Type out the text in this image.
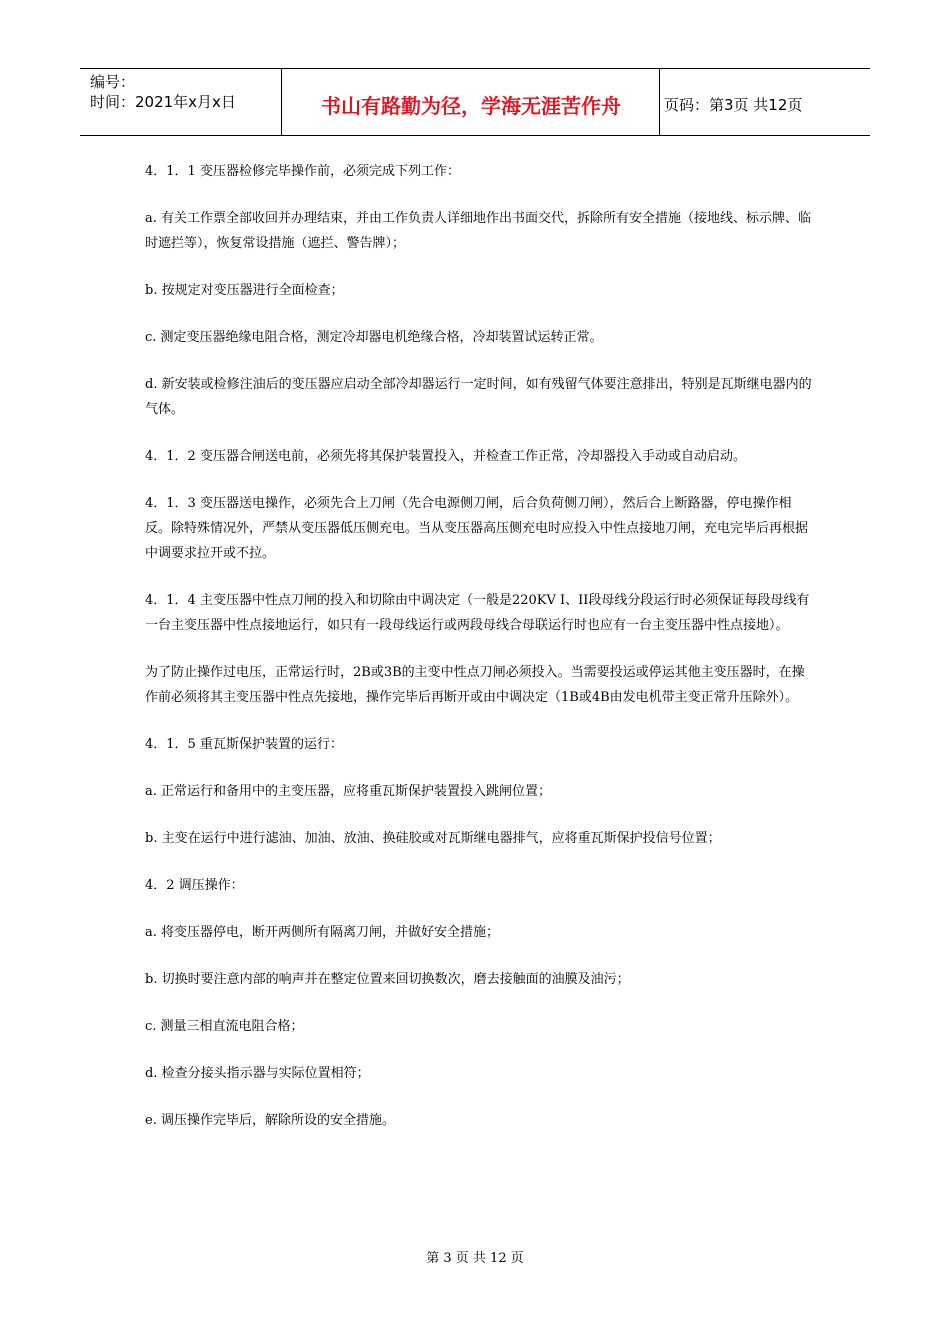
编号：
时间：2021年x月x日	书山有路勤为径，学海无涯苦作舟	页码：第3页 共12页

4．1．1 变压器检修完毕操作前，必须完成下列工作：

a. 有关工作票全部收回并办理结束，并由工作负责人详细地作出书面交代，拆除所有安全措施（接地线、标示牌、临时遮拦等），恢复常设措施（遮拦、警告牌）；

b. 按规定对变压器进行全面检查；

c. 测定变压器绝缘电阻合格，测定冷却器电机绝缘合格，冷却装置试运转正常。

d. 新安装或检修注油后的变压器应启动全部冷却器运行一定时间，如有残留气体要注意排出，特别是瓦斯继电器内的气体。

4．1．2 变压器合闸送电前，必须先将其保护装置投入，并检查工作正常，冷却器投入手动或自动启动。

4．1．3 变压器送电操作，必须先合上刀闸（先合电源侧刀闸，后合负荷侧刀闸），然后合上断路器，停电操作相反。除特殊情况外，严禁从变压器低压侧充电。当从变压器高压侧充电时应投入中性点接地刀闸，充电完毕后再根据中调要求拉开或不拉。

4．1．4 主变压器中性点刀闸的投入和切除由中调决定（一般是220KV I、II段母线分段运行时必须保证每段母线有一台主变压器中性点接地运行，如只有一段母线运行或两段母线合母联运行时也应有一台主变压器中性点接地）。

为了防止操作过电压，正常运行时，2B或3B的主变中性点刀闸必须投入。当需要投运或停运其他主变压器时，在操作前必须将其主变压器中性点先接地，操作完毕后再断开或由中调决定（1B或4B由发电机带主变正常升压除外）。

4．1．5 重瓦斯保护装置的运行：

a. 正常运行和备用中的主变压器，应将重瓦斯保护装置投入跳闸位置；

b. 主变在运行中进行滤油、加油、放油、换硅胶或对瓦斯继电器排气，应将重瓦斯保护投信号位置；

4．2 调压操作：

a. 将变压器停电，断开两侧所有隔离刀闸，并做好安全措施；

b. 切换时要注意内部的响声并在整定位置来回切换数次，磨去接触面的油膜及油污；

c. 测量三相直流电阻合格；

d. 检查分接头指示器与实际位置相符；

e. 调压操作完毕后，解除所设的安全措施。

第 3 页 共 12 页
